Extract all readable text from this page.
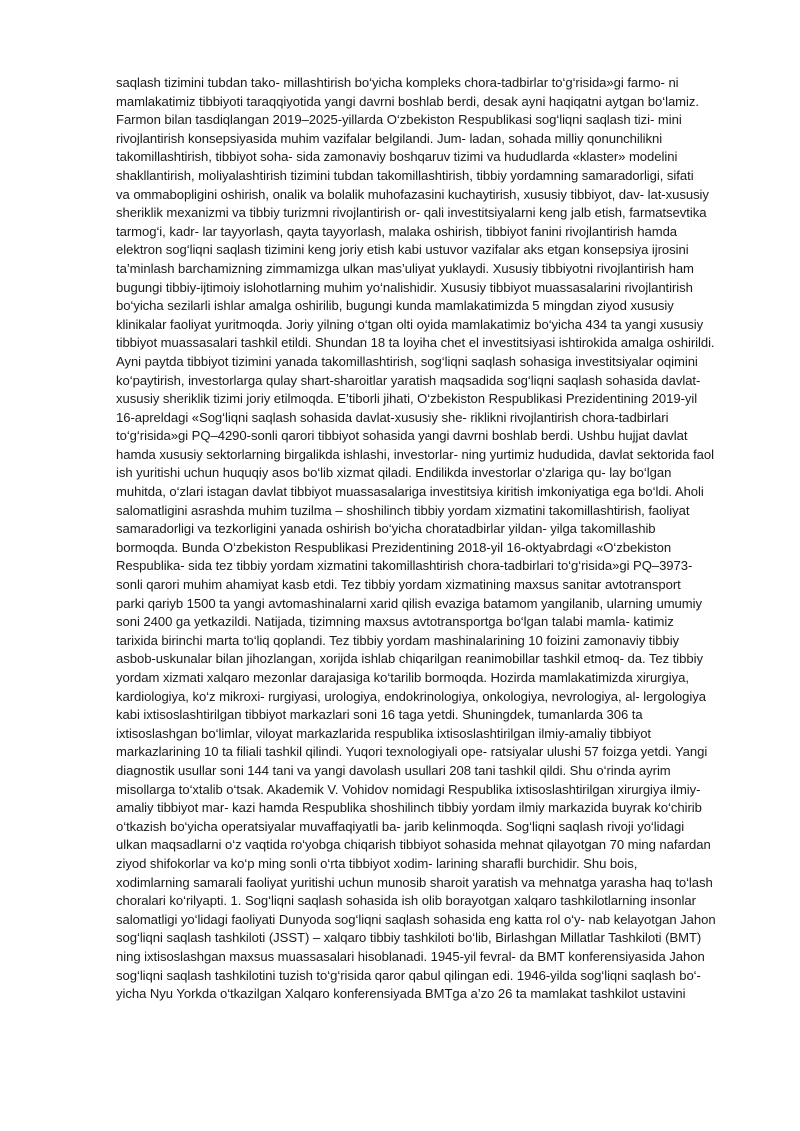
saqlash tizimini tubdan tako- millashtirish bo‘yicha kompleks chora-tadbirlar to‘g‘risida»gi farmo- ni
mamlakatimiz tibbiyoti taraqqiyotida yangi davrni boshlab berdi, desak ayni haqiqatni aytgan bo‘lamiz.
Farmon bilan tasdiqlangan 2019–2025-yillarda O‘zbekiston Respublikasi sog‘liqni saqlash tizi- mini
rivojlantirish konsepsiyasida muhim vazifalar belgilandi. Jum- ladan, sohada milliy qonunchilikni
takomillashtirish, tibbiyot soha- sida zamonaviy boshqaruv tizimi va hududlarda «klaster» modelini
shakllantirish, moliyalashtirish tizimini tubdan takomillashtirish, tibbiy yordamning samaradorligi, sifati
va ommabopligini oshirish, onalik va bolalik muhofazasini kuchaytirish, xususiy tibbiyot, dav- lat-xususiy
sheriklik mexanizmi va tibbiy turizmni rivojlantirish or- qali investitsiyalarni keng jalb etish, farmatsevtika
tarmog‘i, kadr- lar tayyorlash, qayta tayyorlash, malaka oshirish, tibbiyot fanini rivojlantirish hamda
elektron sog‘liqni saqlash tizimini keng joriy etish kabi ustuvor vazifalar aks etgan konsepsiya ijrosini
ta’minlash barchamizning zimmamizga ulkan mas’uliyat yuklaydi. Xususiy tibbiyotni rivojlantirish ham
bugungi tibbiy-ijtimoiy islohotlarning muhim yo‘nalishidir. Xususiy tibbiyot muassasalarini rivojlantirish
bo‘yicha sezilarli ishlar amalga oshirilib, bugungi kunda mamlakatimizda 5 mingdan ziyod xususiy
klinikalar faoliyat yuritmoqda. Joriy yilning o‘tgan olti oyida mamlakatimiz bo‘yicha 434 ta yangi xususiy
tibbiyot muassasalari tashkil etildi. Shundan 18 ta loyiha chet el investitsiyasi ishtirokida amalga oshirildi.
Ayni paytda tibbiyot tizimini yanada takomillashtirish, sog‘liqni saqlash sohasiga investitsiyalar oqimini
ko‘paytirish, investorlarga qulay shart-sharoitlar yaratish maqsadida sog‘liqni saqlash sohasida davlat-
xususiy sheriklik tizimi joriy etilmoqda. E’tiborli jihati, O‘zbekiston Respublikasi Prezidentining 2019-yil
16-apreldagi «Sog‘liqni saqlash sohasida davlat-xususiy she- riklikni rivojlantirish chora-tadbirlari
to‘g‘risida»gi PQ–4290-sonli qarori tibbiyot sohasida yangi davrni boshlab berdi. Ushbu hujjat davlat
hamda xususiy sektorlarning birgalikda ishlashi, investorlar- ning yurtimiz hududida, davlat sektorida faol
ish yuritishi uchun huquqiy asos bo‘lib xizmat qiladi. Endilikda investorlar o‘zlariga qu- lay bo‘lgan
muhitda, o‘zlari istagan davlat tibbiyot muassasalariga investitsiya kiritish imkoniyatiga ega bo‘ldi. Aholi
salomatligini asrashda muhim tuzilma – shoshilinch tibbiy yordam xizmatini takomillashtirish, faoliyat
samaradorligi va tezkorligini yanada oshirish bo‘yicha choratadbirlar yildan- yilga takomillashib
bormoqda. Bunda O‘zbekiston Respublikasi Prezidentining 2018-yil 16-oktyabrdagi «O‘zbekiston
Respublika- sida tez tibbiy yordam xizmatini takomillashtirish chora-tadbirlari to‘g‘risida»gi PQ–3973-
sonli qarori muhim ahamiyat kasb etdi. Tez tibbiy yordam xizmatining maxsus sanitar avtotransport
parki qariyb 1500 ta yangi avtomashinalarni xarid qilish evaziga batamom yangilanib, ularning umumiy
soni 2400 ga yetkazildi. Natijada, tizimning maxsus avtotransportga bo‘lgan talabi mamla- katimiz
tarixida birinchi marta to‘liq qoplandi. Tez tibbiy yordam mashinalarining 10 foizini zamonaviy tibbiy
asbob-uskunalar bilan jihozlangan, xorijda ishlab chiqarilgan reanimobillar tashkil etmoq- da. Tez tibbiy
yordam xizmati xalqaro mezonlar darajasiga ko‘tarilib bormoqda. Hozirda mamlakatimizda xirurgiya,
kardiologiya, ko‘z mikroxi- rurgiyasi, urologiya, endokrinologiya, onkologiya, nevrologiya, al- lergologiya
kabi ixtisoslashtirilgan tibbiyot markazlari soni 16 taga yetdi. Shuningdek, tumanlarda 306 ta
ixtisoslashgan bo‘limlar, viloyat markazlarida respublika ixtisoslashtirilgan ilmiy-amaliy tibbiyot
markazlarining 10 ta filiali tashkil qilindi. Yuqori texnologiyali ope- ratsiyalar ulushi 57 foizga yetdi. Yangi
diagnostik usullar soni 144 tani va yangi davolash usullari 208 tani tashkil qildi. Shu o‘rinda ayrim
misollarga to‘xtalib o‘tsak. Akademik V. Vohidov nomidagi Respublika ixtisoslashtirilgan xirurgiya ilmiy-
amaliy tibbiyot mar- kazi hamda Respublika shoshilinch tibbiy yordam ilmiy markazida buyrak ko‘chirib
o‘tkazish bo‘yicha operatsiyalar muvaffaqiyatli ba- jarib kelinmoqda. Sog‘liqni saqlash rivoji yo‘lidagi
ulkan maqsadlarni o‘z vaqtida ro‘yobga chiqarish tibbiyot sohasida mehnat qilayotgan 70 ming nafardan
ziyod shifokorlar va ko‘p ming sonli o‘rta tibbiyot xodim- larining sharafli burchidir. Shu bois,
xodimlarning samarali faoliyat yuritishi uchun munosib sharoit yaratish va mehnatga yarasha haq to‘lash
choralari ko‘rilyapti. 1. Sog‘liqni saqlash sohasida ish olib borayotgan xalqaro tashkilotlarning insonlar
salomatligi yo‘lidagi faoliyati Dunyoda sog‘liqni saqlash sohasida eng katta rol o‘y- nab kelayotgan Jahon
sog‘liqni saqlash tashkiloti (JSST) – xalqaro tibbiy tashkiloti bo‘lib, Birlashgan Millatlar Tashkiloti (BMT)
ning ixtisoslashgan maxsus muassasalari hisoblanadi. 1945-yil fevral- da BMT konferensiyasida Jahon
sog‘liqni saqlash tashkilotini tuzish to‘g‘risida qaror qabul qilingan edi. 1946-yilda sog‘liqni saqlash bo‘-
yicha Nyu Yorkda o‘tkazilgan Xalqaro konferensiyada BMTga a’zo 26 ta mamlakat tashkilot ustavini
